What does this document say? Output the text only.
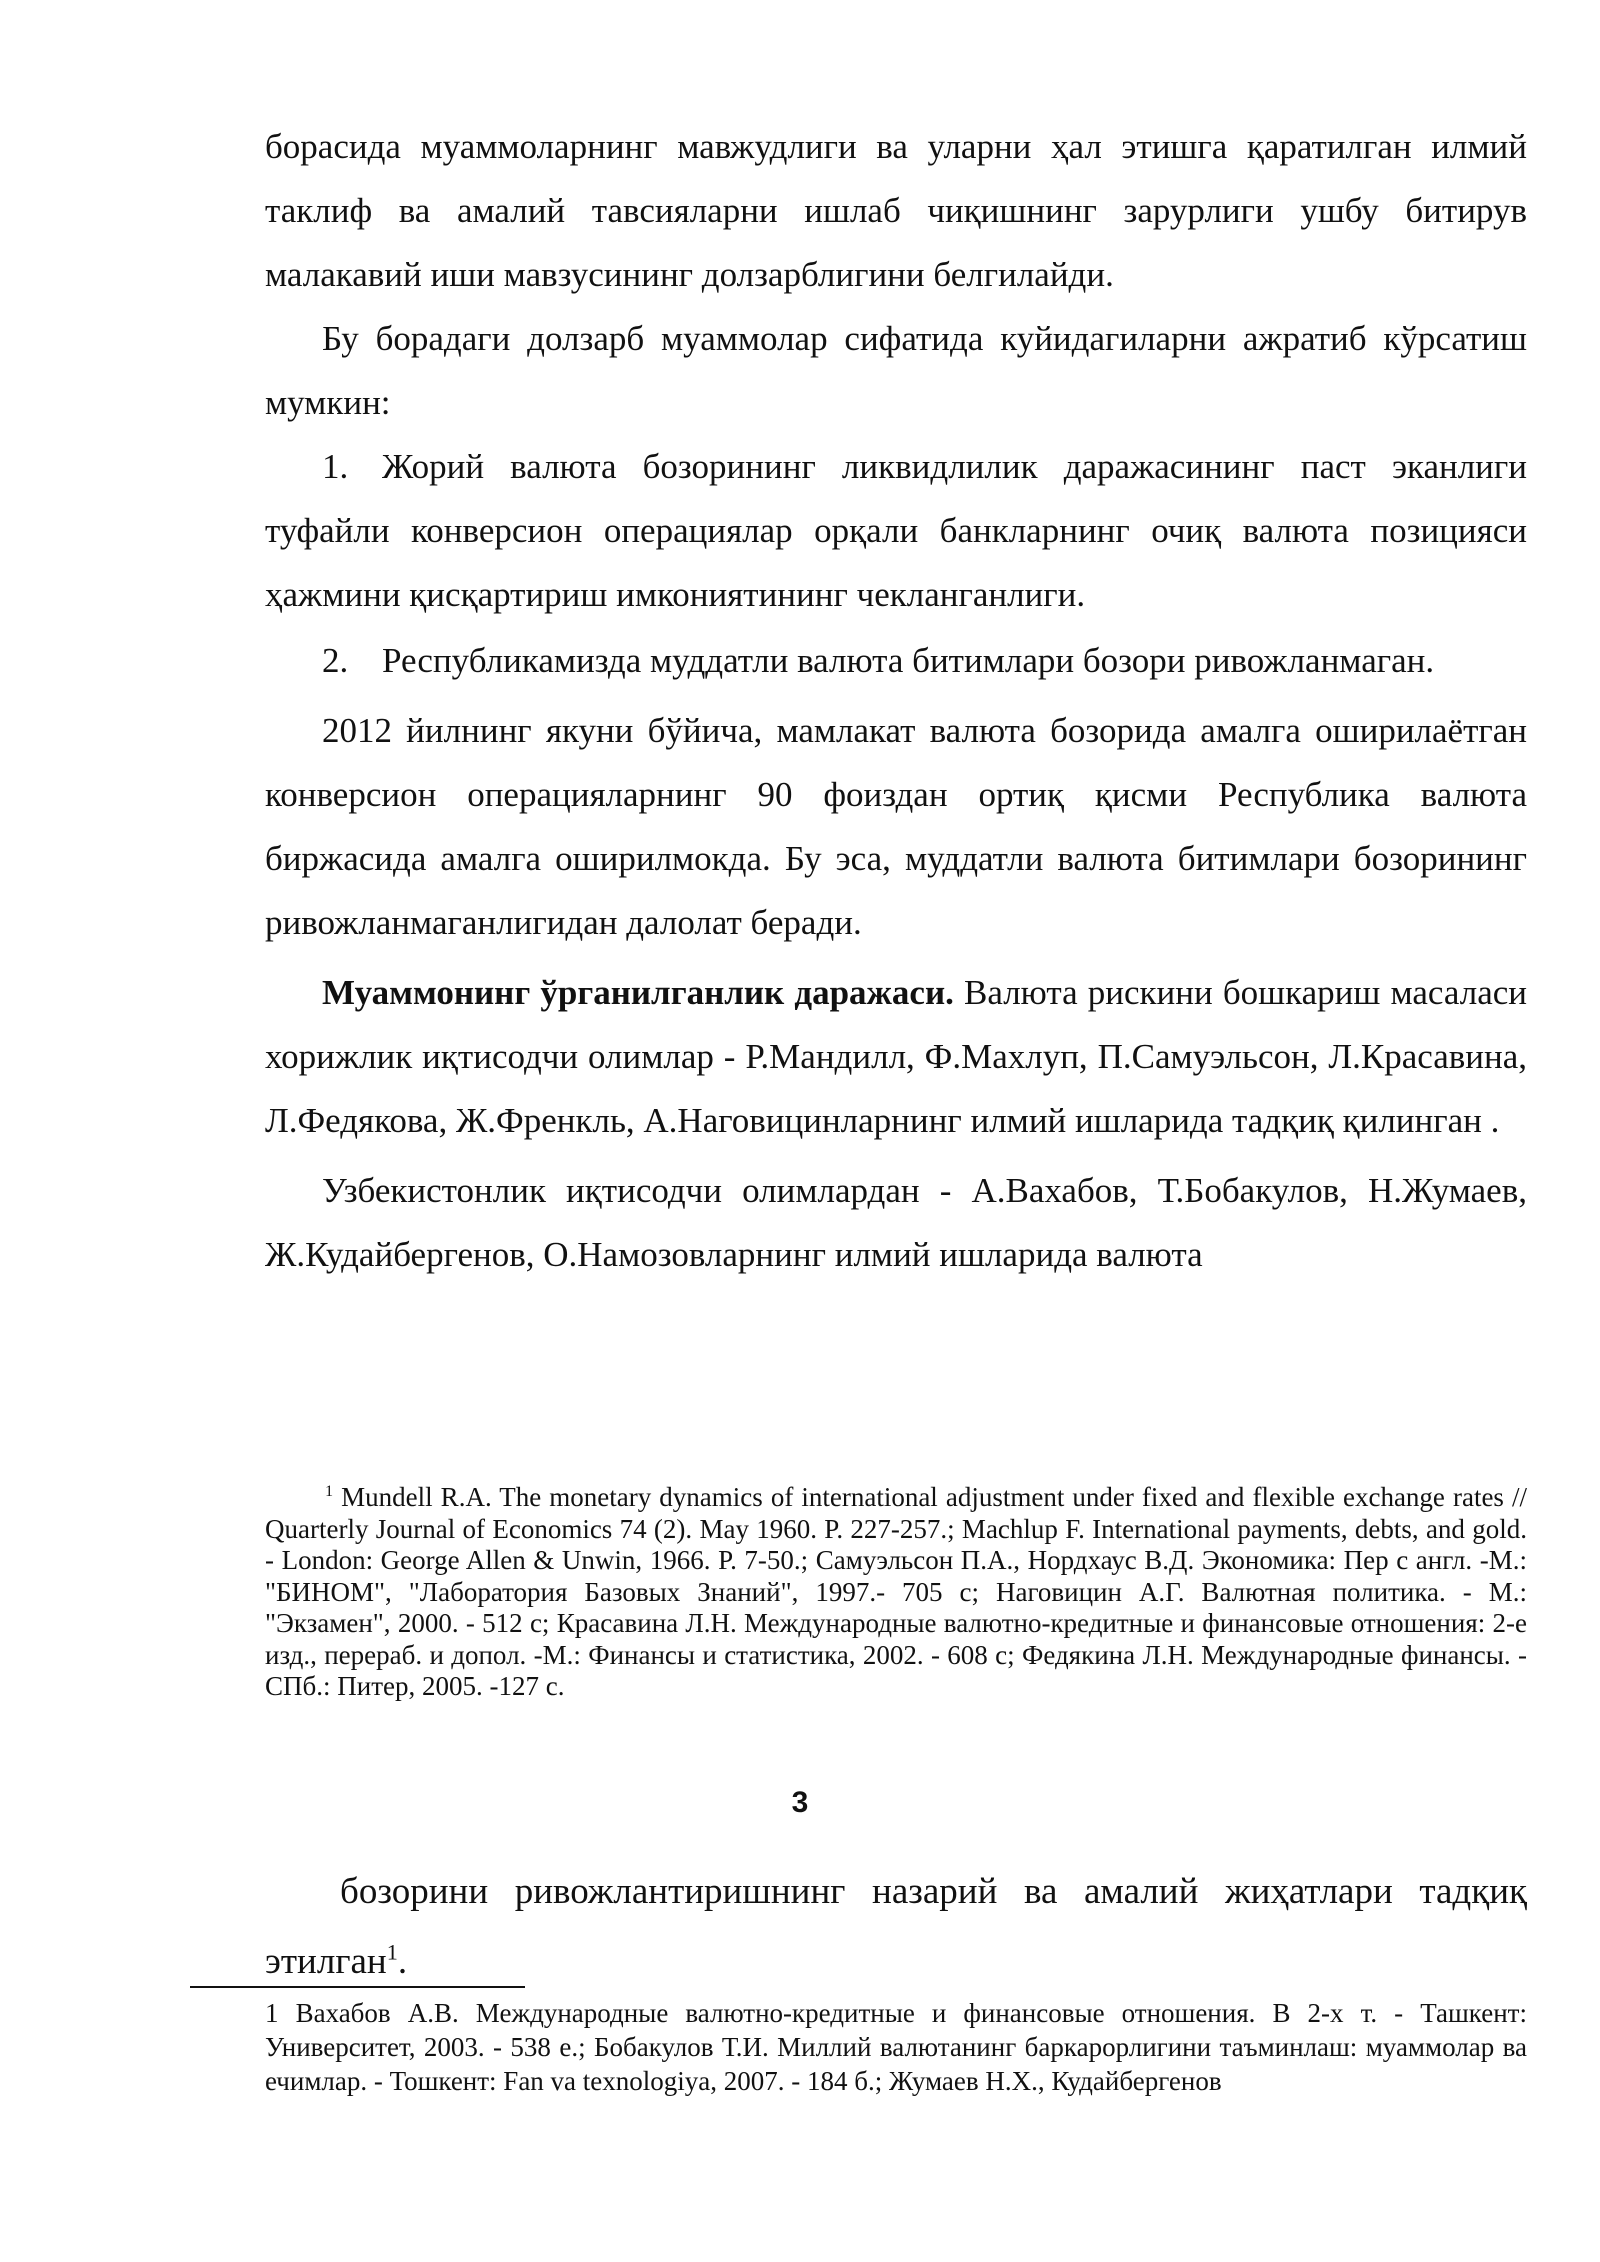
борасида муаммоларнинг мавжудлиги ва уларни ҳал этишга қаратилган илмий таклиф ва амалий тавсияларни ишлаб чиқишнинг зарурлиги ушбу битирув малакавий иши мавзусининг долзарблигини белгилайди.

Бу борадаги долзарб муаммолар сифатида куйидагиларни ажратиб кўрсатиш мумкин:

1. Жорий валюта бозорининг ликвидлилик даражасининг паст эканлиги туфайли конверсион операциялар орқали банкларнинг очиқ валюта позицияси ҳажмини қисқартириш имкониятининг чекланганлиги.

2. Республикамизда муддатли валюта битимлари бозори ривожланмаган.

2012 йилнинг якуни бўйича, мамлакат валюта бозорида амалга оширилаётган конверсион операцияларнинг 90 фоиздан ортиқ қисми Республика валюта биржасида амалга оширилмокда. Бу эса, муддатли валюта битимлари бозорининг ривожланмаганлигидан далолат беради.

Муаммонинг ўрганилганлик даражаси. Валюта рискини бошкариш масаласи хорижлик иқтисодчи олимлар - Р.Мандилл, Ф.Махлуп, П.Самуэльсон, Л.Красавина, Л.Федякова, Ж.Френкль, А.Наговицинларнинг илмий ишларида тадқиқ қилинган .

Узбекистонлик иқтисодчи олимлардан - А.Вахабов, Т.Бобакулов, Н.Жумаев, Ж.Кудайбергенов, О.Намозовларнинг илмий ишларида валюта

$^1$ Mundell R.A. The monetary dynamics of international adjustment under fixed and flexible exchange rates // Quarterly Journal of Economics 74 (2). May 1960. P. 227-257.; Machlup F. International payments, debts, and gold. - London: George Allen & Unwin, 1966. P. 7-50.; Самуэльсон П.А., Нордхаус В.Д. Экономика: Пер с англ. -М.: "БИНОМ", "Лаборатория Базовых Знаний", 1997.- 705 с; Наговицин А.Г. Валютная политика. - М.: "Экзамен", 2000. - 512 с; Красавина Л.Н. Международные валютно-кредитные и финансовые отношения: 2-е изд., перераб. и допол. -М.: Финансы и статистика, 2002. - 608 с; Федякина Л.Н. Международные финансы. - СПб.: Питер, 2005. -127 с.
3

бозорини ривожлантиришнинг назарий ва амалий жиҳатлари тадқиқ этилган$^1$.

1 Вахабов А.В. Международные валютно-кредитные и финансовые отношения. В 2-х т. - Ташкент: Университет, 2003. - 538 е.; Бобакулов Т.И. Миллий валютанинг баркарорлигини таъминлаш: муаммолар ва ечимлар. - Тошкент: Fan va texnologiya, 2007. - 184 б.; Жумаев Н.Х., Кудайбергенов
